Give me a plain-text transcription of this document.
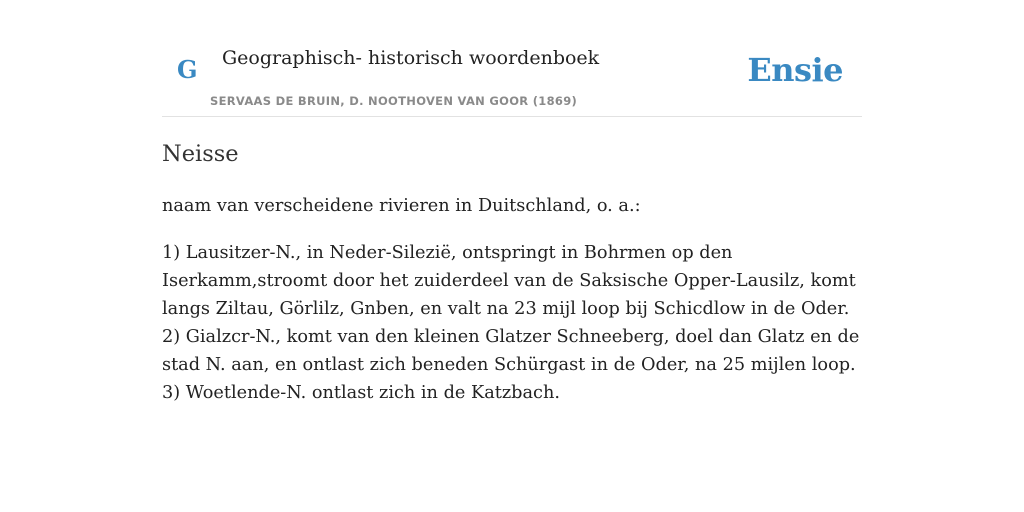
G Geographisch- historisch woordenboek
SERVAAS DE BRUIN, D. NOOTHOVEN VAN GOOR (1869)
Ensie
Neisse

naam van verscheidene rivieren in Duitschland, o. a.:

1) Lausitzer-N., in Neder-Silezië, ontspringt in Bohrmen op den Iserkamm,stroomt door het zuiderdeel van de Saksische Opper-Lausilz, komt langs Ziltau, Görlilz, Gnben, en valt na 23 mijl loop bij Schicdlow in de Oder.
2) Gialzcr-N., komt van den kleinen Glatzer Schneeberg, doel dan Glatz en de stad N. aan, en ontlast zich beneden Schürgast in de Oder, na 25 mijlen loop.
3) Woetlende-N. ontlast zich in de Katzbach.
